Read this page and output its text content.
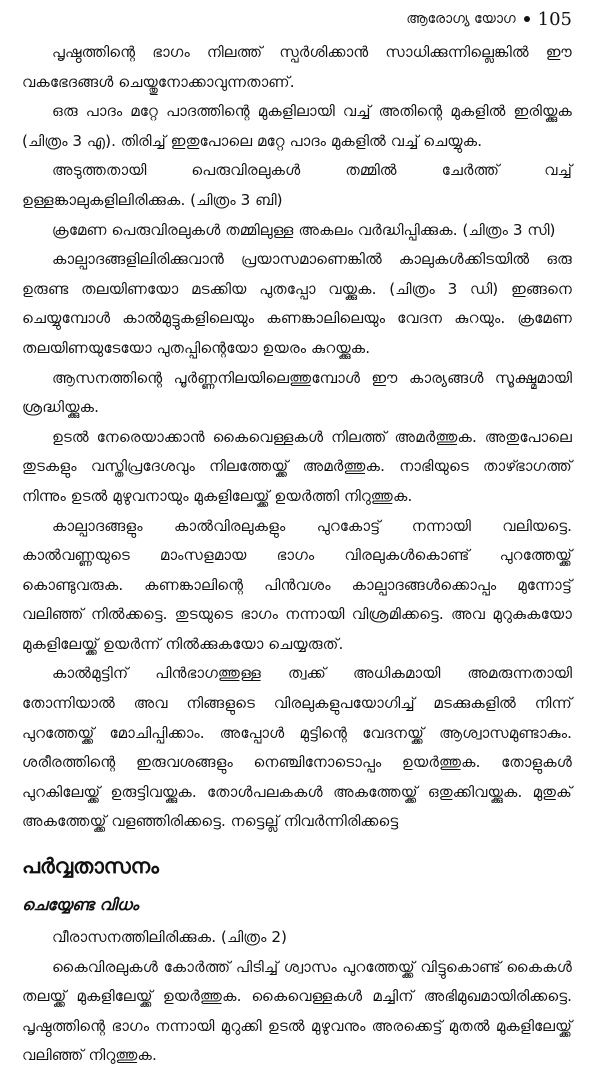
ആരോഗ്യ യോഗ 105

പൃഷ്ഠത്തിന്റെ ഭാഗം നിലത്ത് സ്പർശിക്കാൻ സാധിക്കുന്നില്ലെങ്കിൽ ഈ വകഭേദങ്ങൾ ചെയ്തുനോക്കാവുന്നതാണ്.

ഒരു പാദം മറ്റേ പാദത്തിന്റെ മുകളിലായി വച്ച് അതിന്റെ മുകളിൽ ഇരിയ്ക്കുക (ചിത്രം 3 എ). തിരിച്ച് ഇതുപോലെ മറ്റേ പാദം മുകളിൽ വച്ച് ചെയ്യുക.

അടുത്തതായി പെരുവിരലുകൾ തമ്മിൽ ചേർത്ത് വച്ച് ഉള്ളങ്കാലുകളിലിരിക്കുക. (ചിത്രം 3 ബി)

ക്രമേണ പെരുവിരലുകൾ തമ്മിലുള്ള അകലം വർദ്ധിപ്പിക്കുക. (ചിത്രം 3 സി)

കാല്പാദങ്ങളിലിരിക്കുവാൻ പ്രയാസമാണെങ്കിൽ കാലുകൾക്കിടയിൽ ഒരു ഉരുണ്ട തലയിണയോ മടക്കിയ പുതപ്പോ വയ്ക്കുക. (ചിത്രം 3 ഡി) ഇങ്ങനെ ചെയ്യുമ്പോൾ കാൽമുട്ടുകളിലെയും കണങ്കാലിലെയും വേദന കുറയും. ക്രമേണ തലയിണയുടേയോ പുതപ്പിന്റെയോ ഉയരം കുറയ്ക്കുക.

ആസനത്തിന്റെ പൂർണ്ണനിലയിലെത്തുമ്പോൾ ഈ കാര്യങ്ങൾ സൂക്ഷ്മമായി ശ്രദ്ധിയ്ക്കുക.

ഉടൽ നേരെയാക്കാൻ കൈവെള്ളകൾ നിലത്ത് അമർത്തുക. അതുപോലെ തുടകളും വസ്തിപ്രദേശവും നിലത്തേയ്ക്ക് അമർത്തുക. നാഭിയുടെ താഴ്ഭാഗത്ത് നിന്നും ഉടൽ മുഴുവനായും മുകളിലേയ്ക്ക് ഉയർത്തി നിറുത്തുക.

കാല്പാദങ്ങളും കാൽവിരലുകളും പുറകോട്ട് നന്നായി വലിയട്ടെ. കാൽവണ്ണയുടെ മാംസളമായ ഭാഗം വിരലുകൾകൊണ്ട് പുറത്തേയ്ക്ക് കൊണ്ടുവരുക. കണങ്കാലിന്റെ പിൻവശം കാല്പാദങ്ങൾക്കൊപ്പം മുന്നോട്ട് വലിഞ്ഞ് നിൽക്കട്ടെ. തുടയുടെ ഭാഗം നന്നായി വിശ്രമിക്കട്ടെ. അവ മുറുകുകയോ മുകളിലേയ്ക്ക് ഉയർന്ന് നിൽക്കുകയോ ചെയ്യരുത്.

കാൽമുട്ടിന് പിൻഭാഗത്തുള്ള ത്വക്ക് അധികമായി അമരുന്നതായി തോന്നിയാൽ അവ നിങ്ങളുടെ വിരലുകളുപയോഗിച്ച് മടക്കുകളിൽ നിന്ന് പുറത്തേയ്ക്ക് മോചിപ്പിക്കാം. അപ്പോൾ മുട്ടിന്റെ വേദനയ്ക്ക് ആശ്വാസമുണ്ടാകും. ശരീരത്തിന്റെ ഇരുവശങ്ങളും നെഞ്ചിനോടൊപ്പം ഉയർത്തുക. തോളുകൾ പുറകിലേയ്ക്ക് ഉരുട്ടിവയ്ക്കുക. തോൾപലകകൾ അകത്തേയ്ക്ക് ഒതുക്കിവയ്ക്കുക. മുതുക് അകത്തേയ്ക്ക് വളഞ്ഞിരിക്കട്ടെ. നട്ടെല്ല് നിവർന്നിരിക്കട്ടെ

പർവ്വതാസനം
ചെയ്യേണ്ട വിധം

വീരാസനത്തിലിരിക്കുക. (ചിത്രം 2)

കൈവിരലുകൾ കോർത്ത് പിടിച്ച് ശ്വാസം പുറത്തേയ്ക്ക് വിട്ടുകൊണ്ട് കൈകൾ തലയ്ക്ക് മുകളിലേയ്ക്ക് ഉയർത്തുക. കൈവെള്ളകൾ മച്ചിന് അഭിമുഖമായിരിക്കട്ടെ. പൃഷ്ഠത്തിന്റെ ഭാഗം നന്നായി മുറുക്കി ഉടൽ മുഴുവനും അരക്കെട്ട് മുതൽ മുകളിലേയ്ക്ക് വലിഞ്ഞ് നിറുത്തുക.
